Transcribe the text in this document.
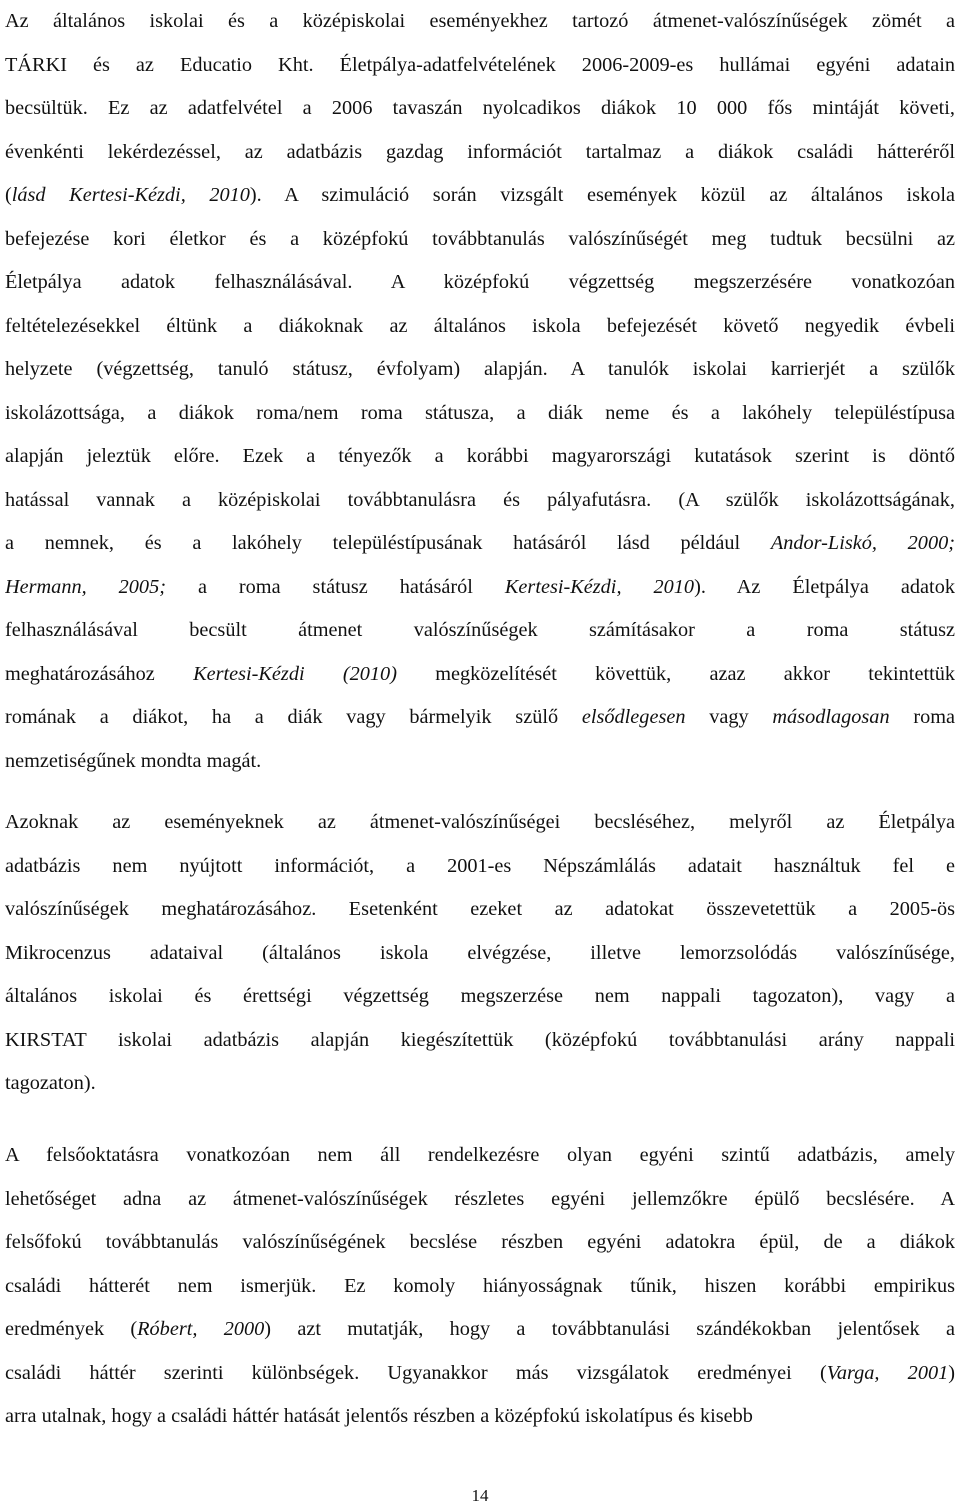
Az általános iskolai és a középiskolai eseményekhez tartozó átmenet-valószínűségek zömét a
TÁRKI és az Educatio Kht. Életpálya-adatfelvételének 2006-2009-es hullámai egyéni adatain
becsültük. Ez az adatfelvétel a 2006 tavaszán nyolcadikos diákok 10 000 fős mintáját követi,
évenkénti lekérdezéssel, az adatbázis gazdag információt tartalmaz a diákok családi hátteréről
(lásd Kertesi-Kézdi, 2010). A szimuláció során vizsgált események közül az általános iskola
befejezése kori életkor és a középfokú továbbtanulás valószínűségét meg tudtuk becsülni az
Életpálya adatok felhasználásával. A középfokú végzettség megszerzésére vonatkozóan
feltételezésekkel éltünk a diákoknak az általános iskola befejezését követő negyedik évbeli
helyzete (végzettség, tanuló státusz, évfolyam) alapján. A tanulók iskolai karrierjét a szülők
iskolázottsága, a diákok roma/nem roma státusza, a diák neme és a lakóhely településtípusa
alapján jeleztük előre. Ezek a tényezők a korábbi magyarországi kutatások szerint is döntő
hatással vannak a középiskolai továbbtanulásra és pályafutásra. (A szülők iskolázottságának,
a nemnek, és a lakóhely településtípusának hatásáról lásd például Andor-Liskó, 2000;
Hermann, 2005; a roma státusz hatásáról Kertesi-Kézdi, 2010). Az Életpálya adatok
felhasználásával becsült átmenet valószínűségek számításakor a roma státusz
meghatározásához Kertesi-Kézdi (2010) megközelítését követtük, azaz akkor tekintettük
romának a diákot, ha a diák vagy bármelyik szülő elsődlegesen vagy másodlagosan roma
nemzetiségűnek mondta magát.
Azoknak az eseményeknek az átmenet-valószínűségei becsléséhez, melyről az Életpálya
adatbázis nem nyújtott információt, a 2001-es Népszámlálás adatait használtuk fel e
valószínűségek meghatározásához. Esetenként ezeket az adatokat összevetettük a 2005-ös
Mikrocenzus adataival (általános iskola elvégzése, illetve lemorzsolódás valószínűsége,
általános iskolai és érettségi végzettség megszerzése nem nappali tagozaton), vagy a
KIRSTAT iskolai adatbázis alapján kiegészítettük (középfokú továbbtanulási arány nappali
tagozaton).
A felsőoktatásra vonatkozóan nem áll rendelkezésre olyan egyéni szintű adatbázis, amely
lehetőséget adna az átmenet-valószínűségek részletes egyéni jellemzőkre épülő becslésére. A
felsőfokú továbbtanulás valószínűségének becslése részben egyéni adatokra épül, de a diákok
családi hátterét nem ismerjük. Ez komoly hiányosságnak tűnik, hiszen korábbi empirikus
eredmények (Róbert, 2000) azt mutatják, hogy a továbbtanulási szándékokban jelentősek a
családi háttér szerinti különbségek. Ugyanakkor más vizsgálatok eredményei (Varga, 2001)
arra utalnak, hogy a családi háttér hatását jelentős részben a középfokú iskolatípus és kisebb
14
